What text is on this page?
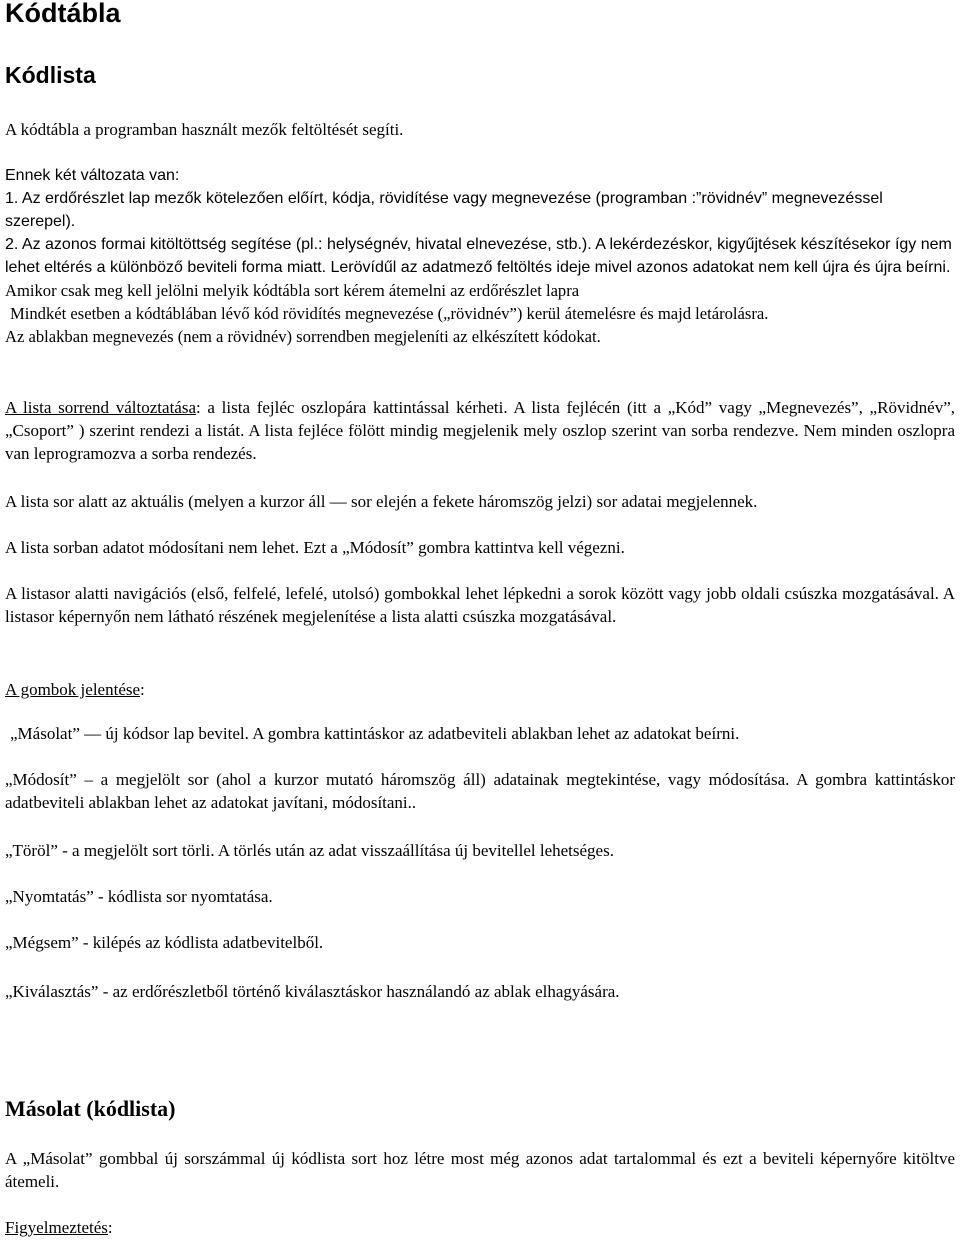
Kódtábla
Kódlista

A kódtábla a programban használt mezők feltöltését segíti.

Ennek két változata van:

1. Az erdőrészlet lap mezők kötelezően előírt, kódja, rövidítése vagy megnevezése (programban :”rövidnév” megnevezéssel szerepel).

2. Az azonos formai kitöltöttség segítése (pl.: helységnév, hivatal elnevezése, stb.). A lekérdezéskor, kigyűjtések készítésekor így nem lehet eltérés a különböző beviteli forma miatt. Lerövídűl az adatmező feltöltés ideje mivel azonos adatokat nem kell újra és újra beírni.

Amikor csak meg kell jelölni melyik kódtábla sort kérem átemelni az erdőrészlet lapra

Mindkét esetben a kódtáblában lévő kód rövidítés megnevezése („rövidnév”) kerül átemelésre és majd letárolásra.

Az ablakban megnevezés (nem a rövidnév) sorrendben megjeleníti az elkészített kódokat.

A lista sorrend változtatása: a lista fejléc oszlopára kattintással kérheti. A lista fejlécén (itt a „Kód” vagy „Megnevezés”, „Rövidnév”, „Csoport” ) szerint rendezi a listát. A lista fejléce fölött mindig megjelenik mely oszlop szerint van sorba rendezve. Nem minden oszlopra van leprogramozva a sorba rendezés.

A lista sor alatt az aktuális (melyen a kurzor áll — sor elején a fekete háromszög jelzi) sor adatai megjelennek.

A lista sorban adatot módosítani nem lehet. Ezt a „Módosít” gombra kattintva kell végezni.

A listasor alatti navigációs (első, felfelé, lefelé, utolsó) gombokkal lehet lépkedni a sorok között vagy jobb oldali csúszka mozgatásával. A listasor képernyőn nem látható részének megjelenítése a lista alatti csúszka mozgatásával.

A gombok jelentése:

„Másolat” — új kódsor lap bevitel. A gombra kattintáskor az adatbeviteli ablakban lehet az adatokat beírni.

„Módosít” – a megjelölt sor (ahol a kurzor mutató háromszög áll) adatainak megtekintése, vagy módosítása. A gombra kattintáskor adatbeviteli ablakban lehet az adatokat javítani, módosítani..

„Töröl” - a megjelölt sort törli. A törlés után az adat visszaállítása új bevitellel lehetséges.

„Nyomtatás” - kódlista sor nyomtatása.

„Mégsem” - kilépés az kódlista adatbevitelből.

„Kiválasztás” - az erdőrészletből történő kiválasztáskor használandó az ablak elhagyására.

Másolat (kódlista)

A „Másolat” gombbal új sorszámmal új kódlista sort hoz létre most még azonos adat tartalommal és ezt a beviteli képernyőre kitöltve átemeli.

Figyelmeztetés:
